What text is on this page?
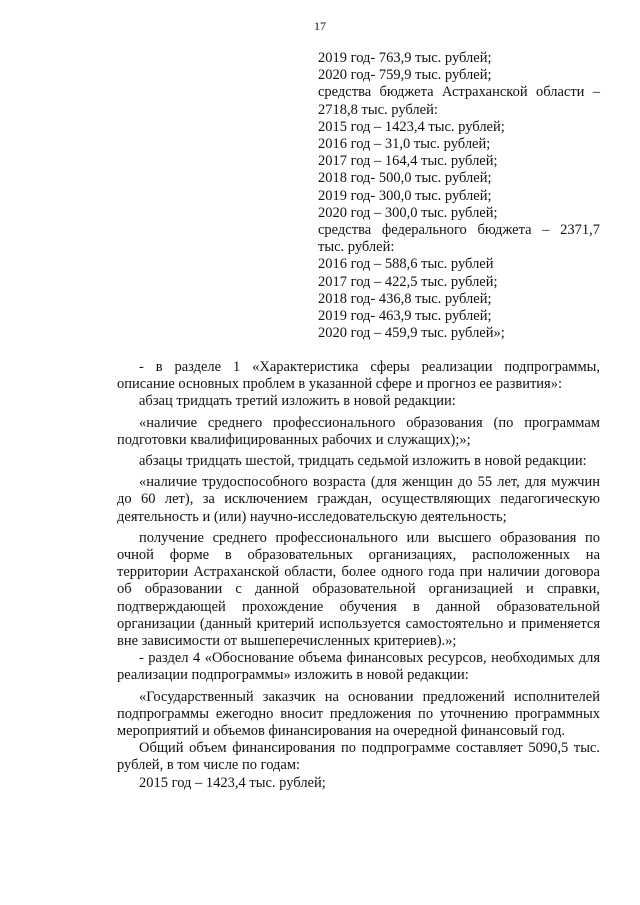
17
2019 год- 763,9 тыс. рублей;
2020 год- 759,9 тыс. рублей;
средства бюджета Астраханской области – 2718,8 тыс. рублей:
2015 год – 1423,4 тыс. рублей;
2016 год – 31,0 тыс. рублей;
2017 год – 164,4 тыс. рублей;
2018 год- 500,0 тыс. рублей;
2019 год- 300,0 тыс. рублей;
2020 год – 300,0 тыс. рублей;
средства федерального бюджета – 2371,7 тыс. рублей:
2016 год – 588,6 тыс. рублей
2017 год – 422,5 тыс. рублей;
2018 год- 436,8 тыс. рублей;
2019 год- 463,9 тыс. рублей;
2020 год – 459,9 тыс. рублей»;

- в разделе 1 «Характеристика сферы реализации подпрограммы, описание основных проблем в указанной сфере и прогноз ее развития»:

абзац тридцать третий изложить в новой редакции:

«наличие среднего профессионального образования (по программам подготовки квалифицированных рабочих и служащих);»;

абзацы тридцать шестой, тридцать седьмой изложить в новой редакции:

«наличие трудоспособного возраста (для женщин до 55 лет, для мужчин до 60 лет), за исключением граждан, осуществляющих педагогическую деятельность и (или) научно-исследовательскую деятельность;

получение среднего профессионального или высшего образования по очной форме в образовательных организациях, расположенных на территории Астраханской области, более одного года при наличии договора об образовании с данной образовательной организацией и справки, подтверждающей прохождение обучения в данной образовательной организации (данный критерий используется самостоятельно и применяется вне зависимости от вышеперечисленных критериев).»;

- раздел 4 «Обоснование объема финансовых ресурсов, необходимых для реализации подпрограммы» изложить в новой редакции:

«Государственный заказчик на основании предложений исполнителей подпрограммы ежегодно вносит предложения по уточнению программных мероприятий и объемов финансирования на очередной финансовый год.

Общий объем финансирования по подпрограмме составляет 5090,5 тыс. рублей, в том числе по годам:

2015 год – 1423,4 тыс. рублей;
